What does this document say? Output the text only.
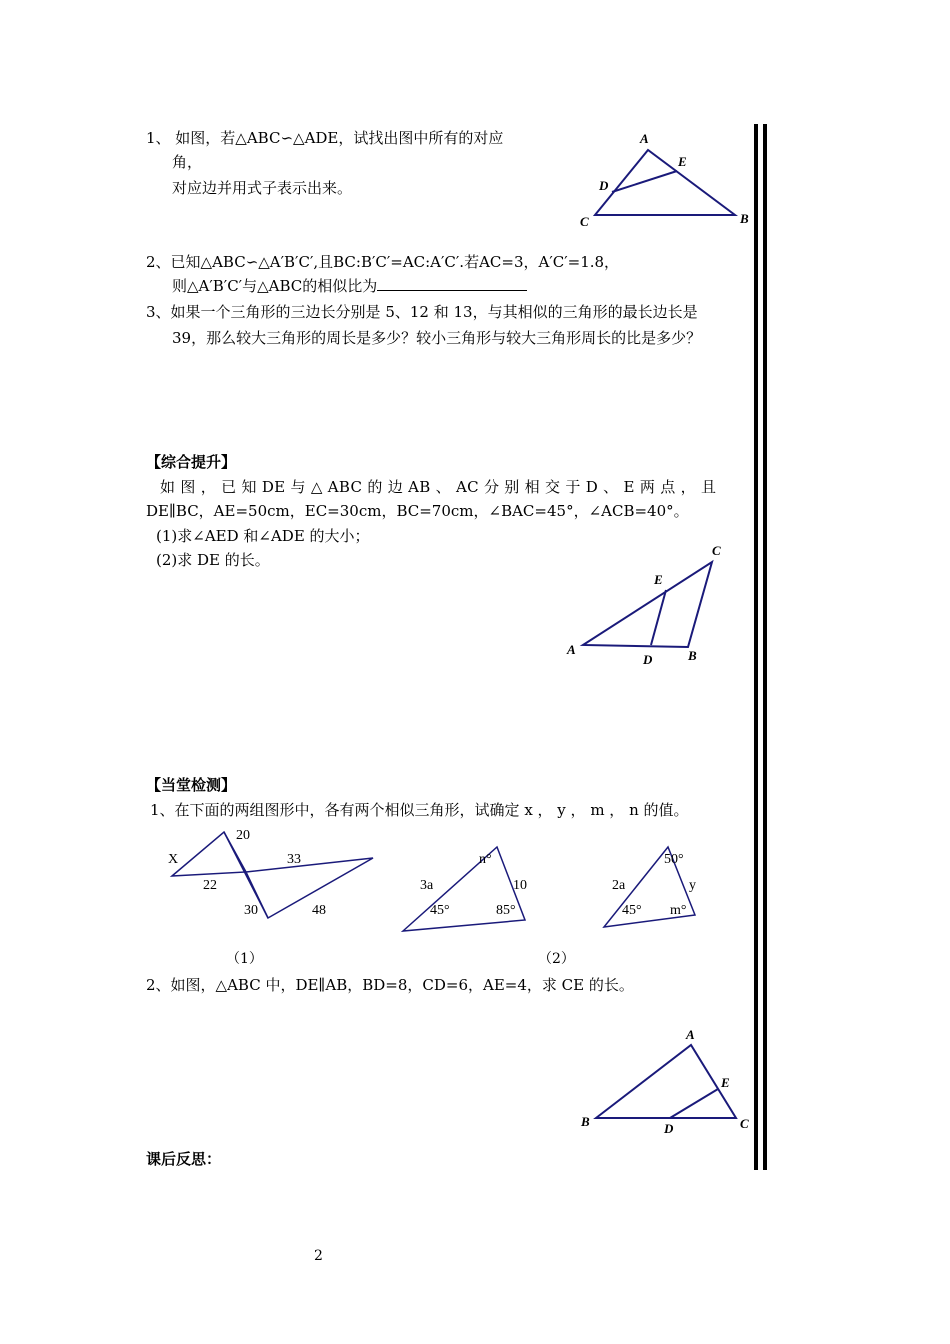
1、 如图，若△ABC∽△ADE，试找出图中所有的对应
角，
对应边并用式子表示出来。
A
E
D
C	B
2、已知△ABC∽△A′B′C′,且BC:B′C′=AC:A′C′.若AC=3，A′C′=1.8，
则△A′B′C′与△ABC的相似比为
3、如果一个三角形的三边长分别是 5、12 和 13，与其相似的三角形的最长边长是
39，那么较大三角形的周长是多少？较小三角形与较大三角形周长的比是多少？
【综合提升】
如 图 ， 已 知 DE 与 △ ABC 的 边 AB 、 AC 分 别 相 交 于 D 、 E 两 点 ， 且
DE∥BC，AE=50cm，EC=30cm，BC=70cm，∠BAC=45°，∠ACB=40°。
(1)求∠AED 和∠ADE 的大小；
(2)求 DE 的长。
C
E
A
D	B
【当堂检测】
1、在下面的两组图形中，各有两个相似三角形，试确定 x ， y ， m ， n 的值。
20
X	33
22
30	48
n°
3a	10
45°	85°
50°
2a	y
45° m°
（1）	（2）
2、如图，△ABC 中，DE∥AB，BD=8，CD=6，AE=4，求 CE 的长。
A
E
B	D	C
课后反思：
2
